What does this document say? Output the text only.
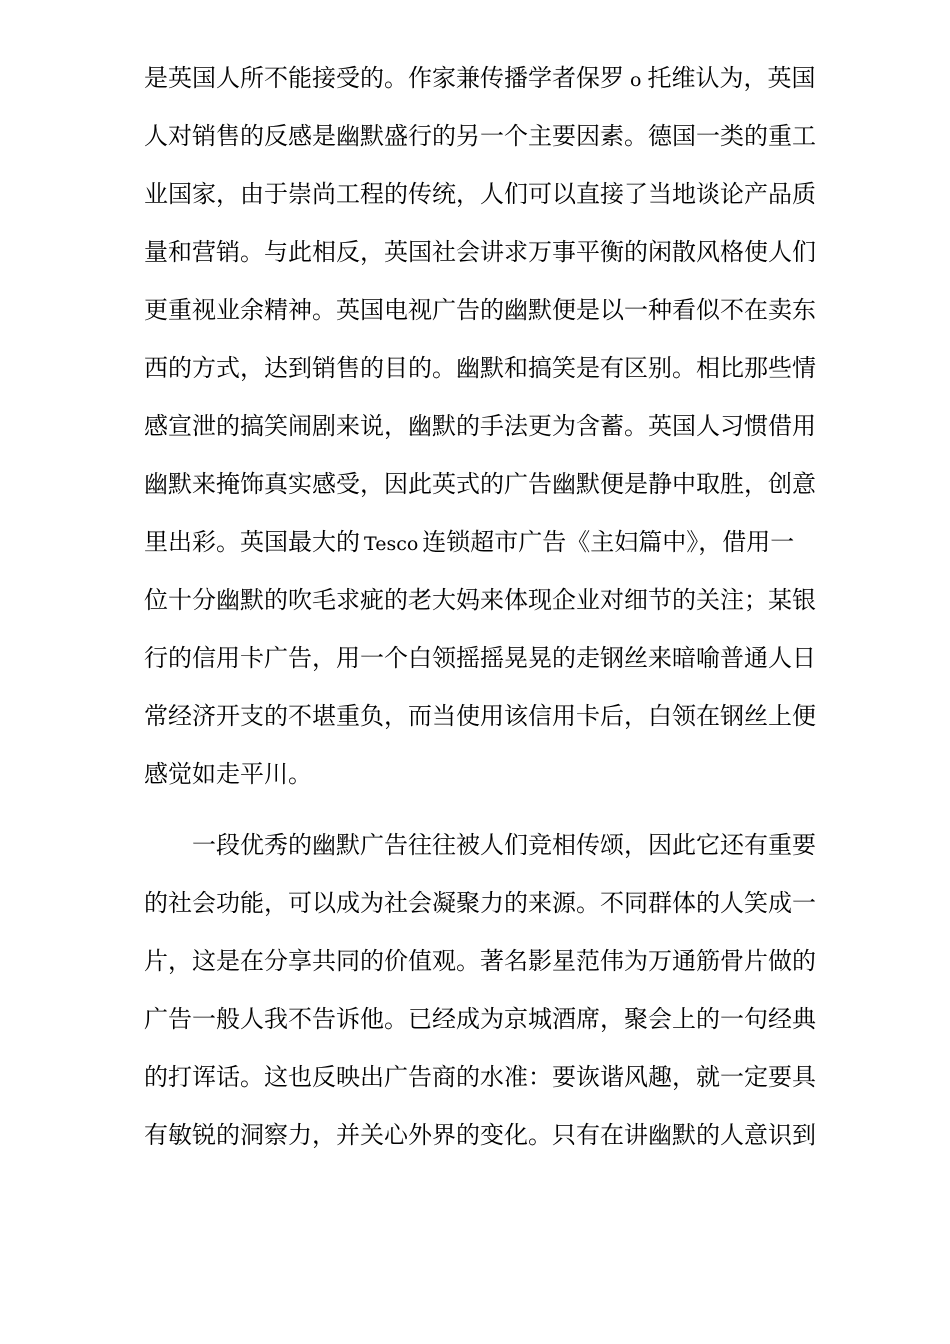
是英国人所不能接受的。作家兼传播学者保罗 o 托维认为，英国
人对销售的反感是幽默盛行的另一个主要因素。德国一类的重工
业国家，由于崇尚工程的传统，人们可以直接了当地谈论产品质
量和营销。与此相反，英国社会讲求万事平衡的闲散风格使人们
更重视业余精神。英国电视广告的幽默便是以一种看似不在卖东
西的方式，达到销售的目的。幽默和搞笑是有区别。相比那些情
感宣泄的搞笑闹剧来说，幽默的手法更为含蓄。英国人习惯借用
幽默来掩饰真实感受，因此英式的广告幽默便是静中取胜，创意
里出彩。英国最大的 Tesco 连锁超市广告《主妇篇中》，借用一
位十分幽默的吹毛求疵的老大妈来体现企业对细节的关注；某银
行的信用卡广告，用一个白领摇摇晃晃的走钢丝来暗喻普通人日
常经济开支的不堪重负，而当使用该信用卡后，白领在钢丝上便
感觉如走平川。
一段优秀的幽默广告往往被人们竞相传颂，因此它还有重要
的社会功能，可以成为社会凝聚力的来源。不同群体的人笑成一
片，这是在分享共同的价值观。著名影星范伟为万通筋骨片做的
广告一般人我不告诉他。已经成为京城酒席，聚会上的一句经典
的打诨话。这也反映出广告商的水准：要诙谐风趣，就一定要具
有敏锐的洞察力，并关心外界的变化。只有在讲幽默的人意识到
